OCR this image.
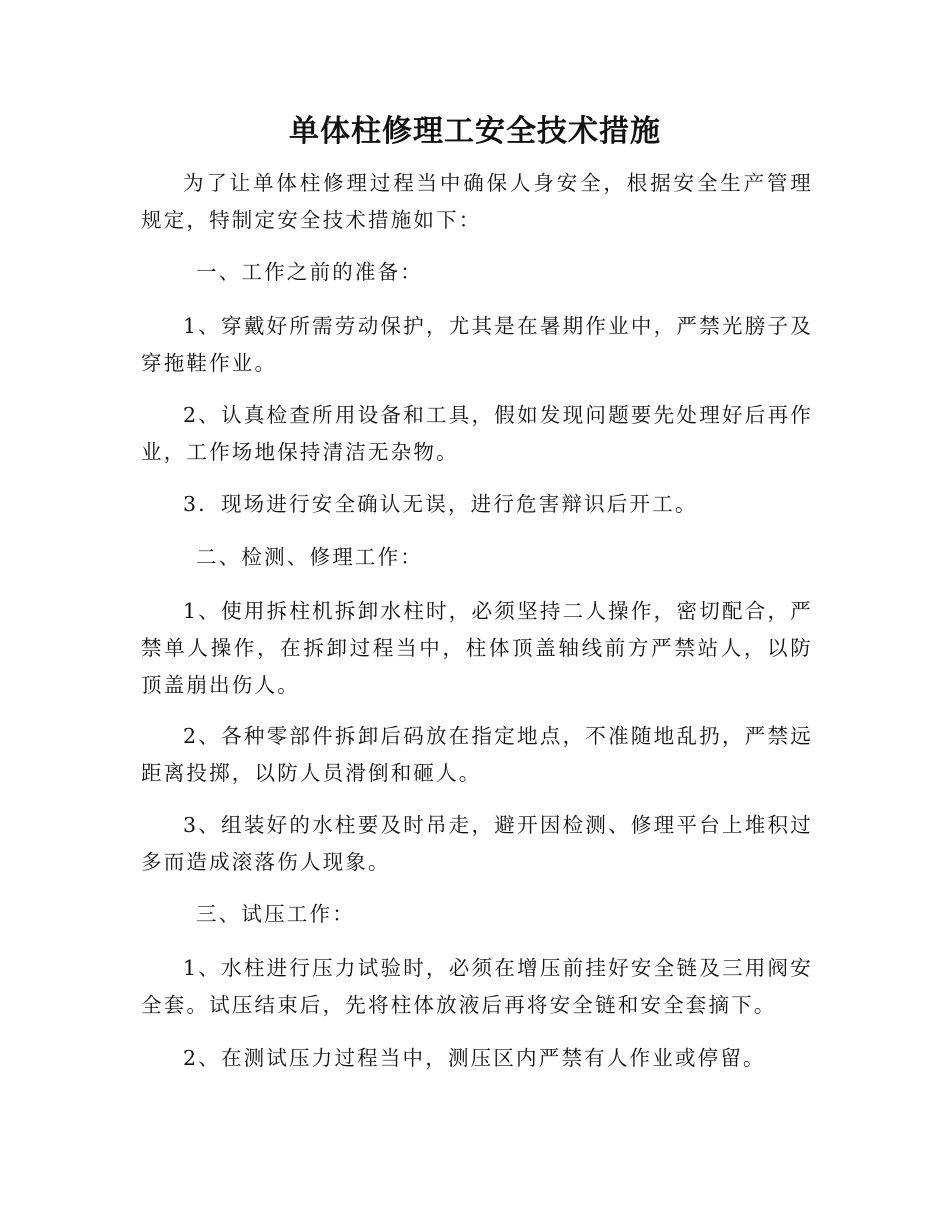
单体柱修理工安全技术措施

为了让单体柱修理过程当中确保人身安全，根据安全生产管理规定，特制定安全技术措施如下：

一、工作之前的准备：

1、穿戴好所需劳动保护，尤其是在暑期作业中，严禁光膀子及穿拖鞋作业。

2、认真检查所用设备和工具，假如发现问题要先处理好后再作业，工作场地保持清洁无杂物。

3．现场进行安全确认无误，进行危害辩识后开工。

二、检测、修理工作：

1、使用拆柱机拆卸水柱时，必须坚持二人操作，密切配合，严禁单人操作，在拆卸过程当中，柱体顶盖轴线前方严禁站人，以防顶盖崩出伤人。

2、各种零部件拆卸后码放在指定地点，不准随地乱扔，严禁远距离投掷，以防人员滑倒和砸人。

3、组装好的水柱要及时吊走，避开因检测、修理平台上堆积过多而造成滚落伤人现象。

三、试压工作：

1、水柱进行压力试验时，必须在增压前挂好安全链及三用阀安全套。试压结束后，先将柱体放液后再将安全链和安全套摘下。

2、在测试压力过程当中，测压区内严禁有人作业或停留。
